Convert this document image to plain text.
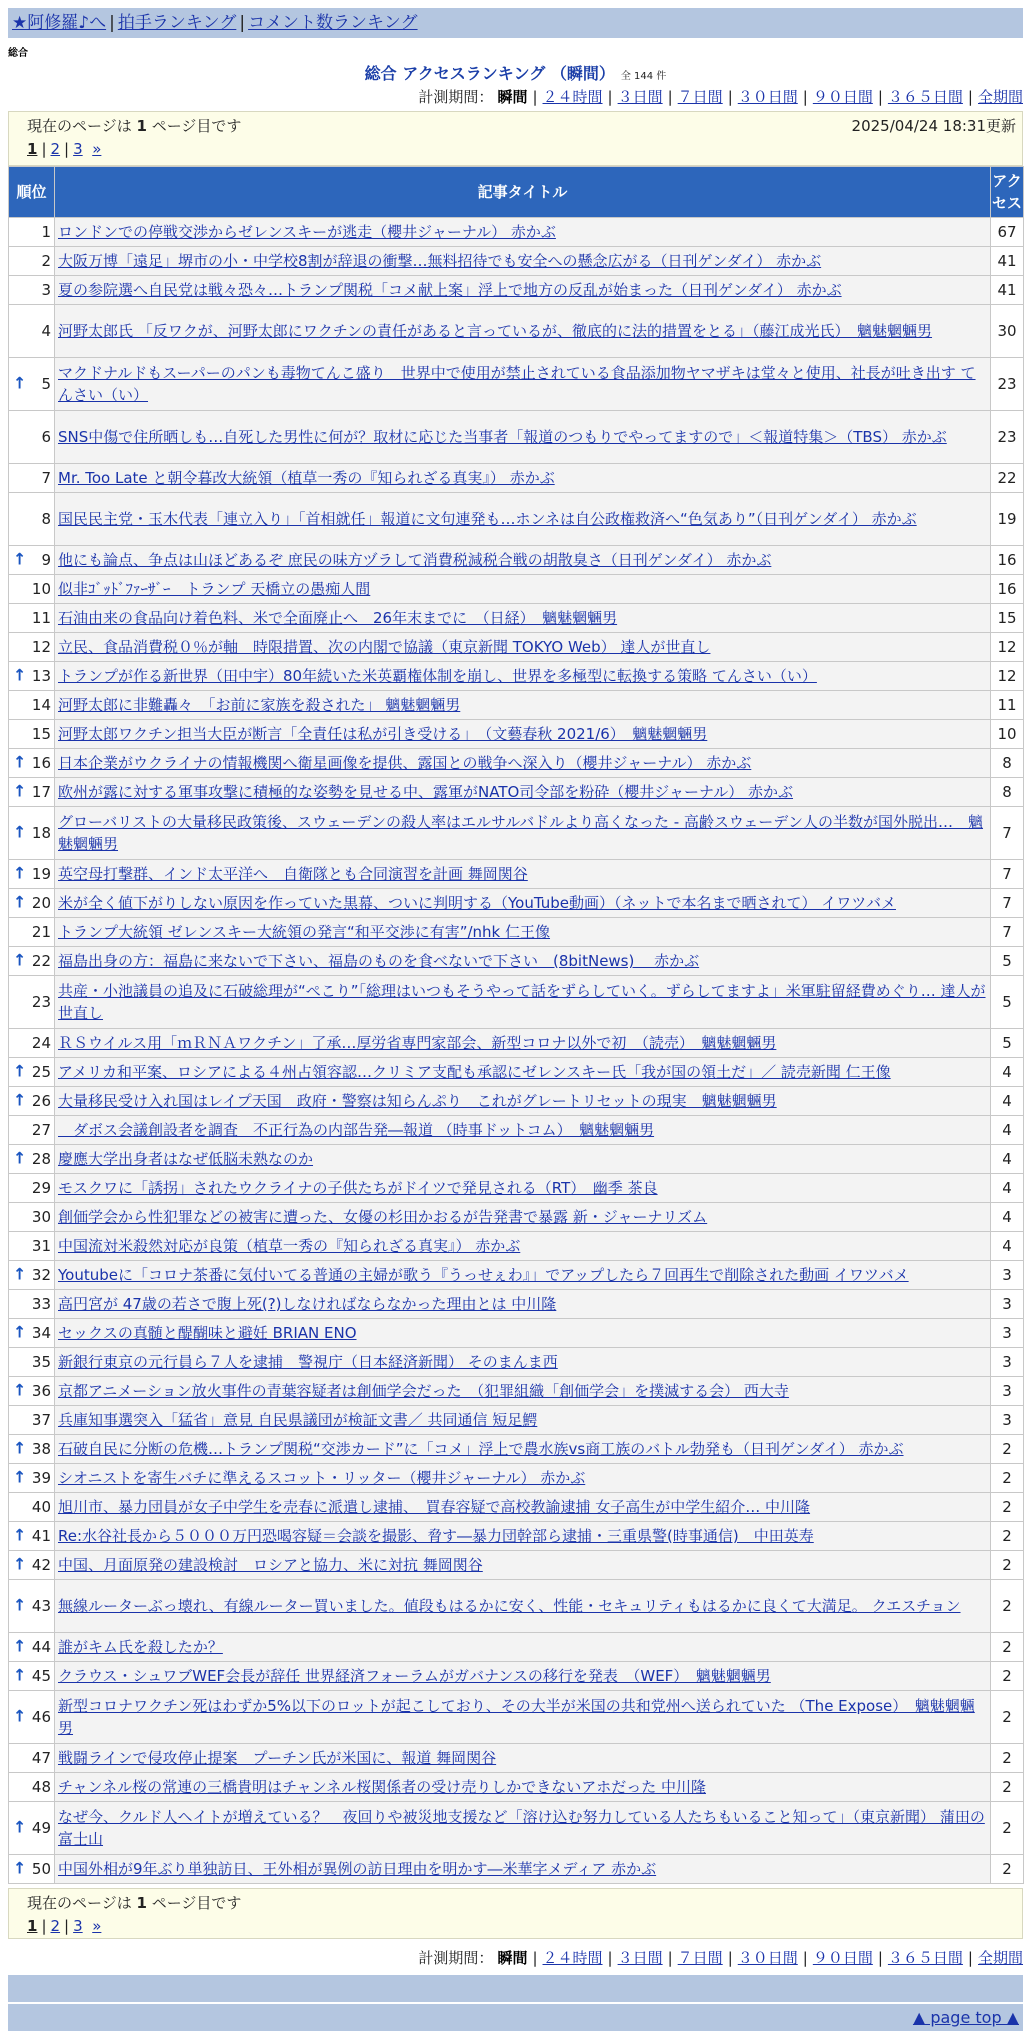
★阿修羅♪へ | 拍手ランキング | コメント数ランキング
総合
総合 アクセスランキング （瞬間） 全 144 件
計測期間： 瞬間 | ２４時間 | ３日間 | ７日間 | ３０日間 | ９０日間 | ３６５日間 | 全期間
現在のページは 1 ページ目です	2025/04/24 18:31更新
1 | 2 | 3 »
順位	記事タイトル	アクセス
1	ロンドンでの停戦交渉からゼレンスキーが逃走（櫻井ジャーナル） 赤かぶ	67
2	大阪万博「遠足」堺市の小・中学校8割が辞退の衝撃…無料招待でも安全への懸念広がる（日刊ゲンダイ） 赤かぶ	41
3	夏の参院選へ自民党は戦々恐々…トランプ関税「コメ献上案」浮上で地方の反乱が始まった（日刊ゲンダイ） 赤かぶ	41
4	河野太郎氏 「反ワクが、河野太郎にワクチンの責任があると言っているが、徹底的に法的措置をとる」（藤江成光氏）　魑魅魍魎男	30

↑ 5	マクドナルドもスーパーのパンも毒物てんこ盛り　世界中で使用が禁止されている食品添加物ヤマザキは堂々と使用、社長が吐き出す てんさい（い）	23
6	SNS中傷で住所晒しも…自死した男性に何が？取材に応じた当事者「報道のつもりでやってますので」＜報道特集＞（TBS） 赤かぶ	23
7	Mr. Too Late と朝令暮改大統領（植草一秀の『知られざる真実』） 赤かぶ	22
8	国民民主党・玉木代表「連立入り」「首相就任」報道に文句連発も…ホンネは自公政権救済へ“色気あり”（日刊ゲンダイ） 赤かぶ	19

↑ 9	他にも論点、争点は山ほどあるぞ 庶民の味方ヅラして消費税減税合戦の胡散臭さ（日刊ゲンダイ） 赤かぶ	16
10	似非ｺﾞｯﾄﾞﾌｧｰｻﾞｰ　トランプ 天橋立の愚痴人間	16
11	石油由来の食品向け着色料、米で全面廃止へ　26年末までに　（日経）　魑魅魍魎男	15
12	立民、食品消費税０％が軸　時限措置、次の内閣で協議（東京新聞 TOKYO Web） 達人が世直し	12

↑ 13	トランプが作る新世界（田中宇）80年続いた米英覇権体制を崩し、世界を多極型に転換する策略 てんさい（い）	12
14	河野太郎に非難轟々　「お前に家族を殺された」 魑魅魍魎男	11
15	河野太郎ワクチン担当大臣が断言「全責任は私が引き受ける」　（文藝春秋 2021/6）　魑魅魍魎男	10

↑ 16	日本企業がウクライナの情報機関へ衛星画像を提供、露国との戦争へ深入り（櫻井ジャーナル） 赤かぶ	8

↑ 17	欧州が露に対する軍事攻撃に積極的な姿勢を見せる中、露軍がNATO司令部を粉砕（櫻井ジャーナル） 赤かぶ	8

↑ 18	グローバリストの大量移民政策後、スウェーデンの殺人率はエルサルバドルより高くなった - 高齢スウェーデン人の半数が国外脱出…　魑魅魍魎男	7

↑ 19	英空母打撃群、インド太平洋へ　自衛隊とも合同演習を計画 舞岡関谷	7

↑ 20	米が全く値下がりしない原因を作っていた黒幕、ついに判明する（YouTube動画）（ネットで本名まで晒されて） イワツバメ	7
21	トランプ大統領 ゼレンスキー大統領の発言“和平交渉に有害”/nhk 仁王像	7

↑ 22	福島出身の方：福島に来ないで下さい、福島のものを食べないで下さい　(8bitNews)　 赤かぶ	5
23	共産・小池議員の追及に石破総理が“ぺこり”「総理はいつもそうやって話をずらしていく。ずらしてますよ」米軍駐留経費めぐり… 達人が世直し	5
24	ＲＳウイルス用「ｍＲＮＡワクチン」了承…厚労省専門家部会、新型コロナ以外で初　（読売）　魑魅魍魎男	5

↑ 25	アメリカ和平案、ロシアによる４州占領容認…クリミア支配も承認にゼレンスキー氏「我が国の領土だ」／ 読売新聞 仁王像	4

↑ 26	大量移民受け入れ国はレイプ天国　政府・警察は知らんぷり　これがグレートリセットの現実　魑魅魍魎男	4
27	　ダボス会議創設者を調査　不正行為の内部告発―報道 （時事ドットコム）　魑魅魍魎男	4

↑ 28	慶應大学出身者はなぜ低脳未熟なのか	4
29	モスクワに「誘拐」されたウクライナの子供たちがドイツで発見される（RT）　幽季 茶良	4
30	創価学会から性犯罪などの被害に遭った、女優の杉田かおるが告発書で暴露 新・ジャーナリズム	4
31	中国流対米殺然対応が良策（植草一秀の『知られざる真実』） 赤かぶ	4

↑ 32	Youtubeに「コロナ茶番に気付いてる普通の主婦が歌う『うっせぇわ』」でアップしたら７回再生で削除された動画 イワツバメ	3
33	高円宮が 47歳の若さで腹上死(?)しなければならなかった理由とは 中川隆	3

↑ 34	セックスの真髄と醍醐味と避妊 BRIAN ENO	3
35	新銀行東京の元行員ら７人を逮捕　警視庁（日本経済新聞） そのまんま西	3

↑ 36	京都アニメーション放火事件の青葉容疑者は創価学会だった　（犯罪組織「創価学会」を撲滅する会） 西大寺	3
37	兵庫知事選突入「猛省」意見 自民県議団が検証文書／ 共同通信 短足鰐	3

↑ 38	石破自民に分断の危機…トランプ関税“交渉カード”に「コメ」浮上で農水族vs商工族のバトル勃発も（日刊ゲンダイ） 赤かぶ	2

↑ 39	シオニストを寄生バチに準えるスコット・リッター（櫻井ジャーナル） 赤かぶ	2
40	旭川市、暴力団員が女子中学生を売春に派遣し逮捕、　買春容疑で高校教諭逮捕 女子高生が中学生紹介… 中川隆	2

↑ 41	Re:水谷社長から５０００万円恐喝容疑＝会談を撮影、脅す―暴力団幹部ら逮捕・三重県警(時事通信)　中田英寿	2

↑ 42	中国、月面原発の建設検討　ロシアと協力、米に対抗 舞岡関谷	2

↑ 43	無線ルーターぶっ壊れ、有線ルーター買いました。値段もはるかに安く、性能・セキュリティもはるかに良くて大満足。 クエスチョン	2

↑ 44	誰がキム氏を殺したか？	2

↑ 45	クラウス・シュワブWEF会長が辞任 世界経済フォーラムがガバナンスの移行を発表　（WEF）　魑魅魍魎男	2

↑ 46	新型コロナワクチン死はわずか5%以下のロットが起こしており、その大半が米国の共和党州へ送られていた （The Expose）　魑魅魍魎男	2
47	戦闘ラインで侵攻停止提案　プーチン氏が米国に、報道 舞岡関谷	2
48	チャンネル桜の常連の三橋貴明はチャンネル桜関係者の受け売りしかできないアホだった 中川隆	2

↑ 49	なぜ今、クルド人ヘイトが増えている？　夜回りや被災地支援など「溶け込む努力している人たちもいること知って」（東京新聞） 蒲田の富士山	2

↑ 50	中国外相が9年ぶり単独訪日、王外相が異例の訪日理由を明かす―米華字メディア 赤かぶ	2
現在のページは 1 ページ目です
1 | 2 | 3 »
計測期間： 瞬間 | ２４時間 | ３日間 | ７日間 | ３０日間 | ９０日間 | ３６５日間 | 全期間
▲ page top ▲
